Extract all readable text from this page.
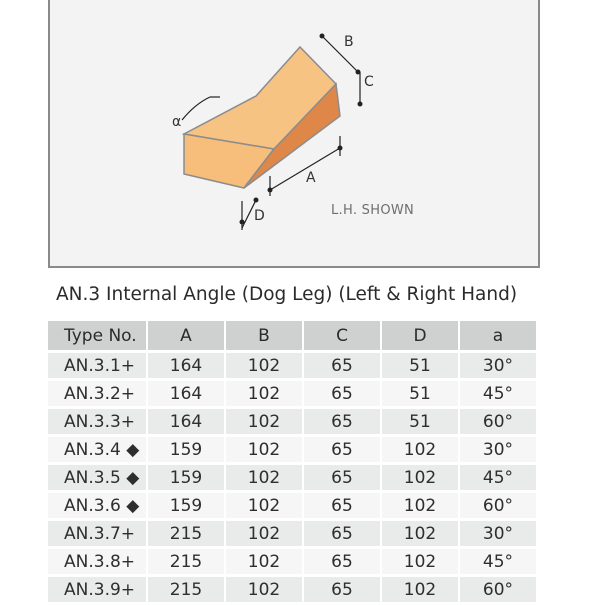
B
C
A
D
α
L.H. SHOWN
AN.3 Internal Angle (Dog Leg) (Left & Right Hand)
Type No.	A	B	C	D	a
AN.3.1+	164	102	65	51	30°
AN.3.2+	164	102	65	51	45°
AN.3.3+	164	102	65	51	60°
AN.3.4 ◆	159	102	65	102	30°
AN.3.5 ◆	159	102	65	102	45°
AN.3.6 ◆	159	102	65	102	60°
AN.3.7+	215	102	65	102	30°
AN.3.8+	215	102	65	102	45°
AN.3.9+	215	102	65	102	60°
